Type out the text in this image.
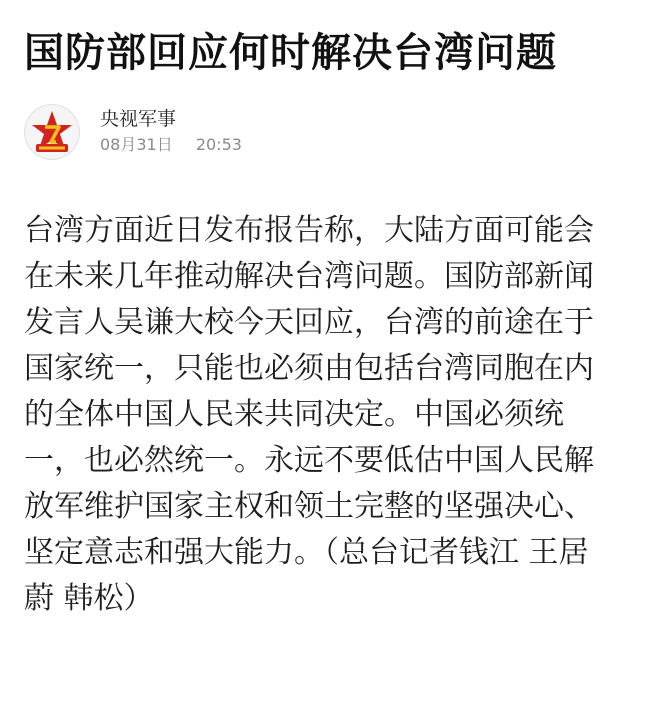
国防部回应何时解决台湾问题
央视军事
08月31日 20:53
台湾方面近日发布报告称，大陆方面可能会
在未来几年推动解决台湾问题。国防部新闻
发言人吴谦大校今天回应，台湾的前途在于
国家统一，只能也必须由包括台湾同胞在内
的全体中国人民来共同决定。中国必须统
一，也必然统一。永远不要低估中国人民解
放军维护国家主权和领土完整的坚强决心、
坚定意志和强大能力。（总台记者钱江 王居
蔚 韩松）
